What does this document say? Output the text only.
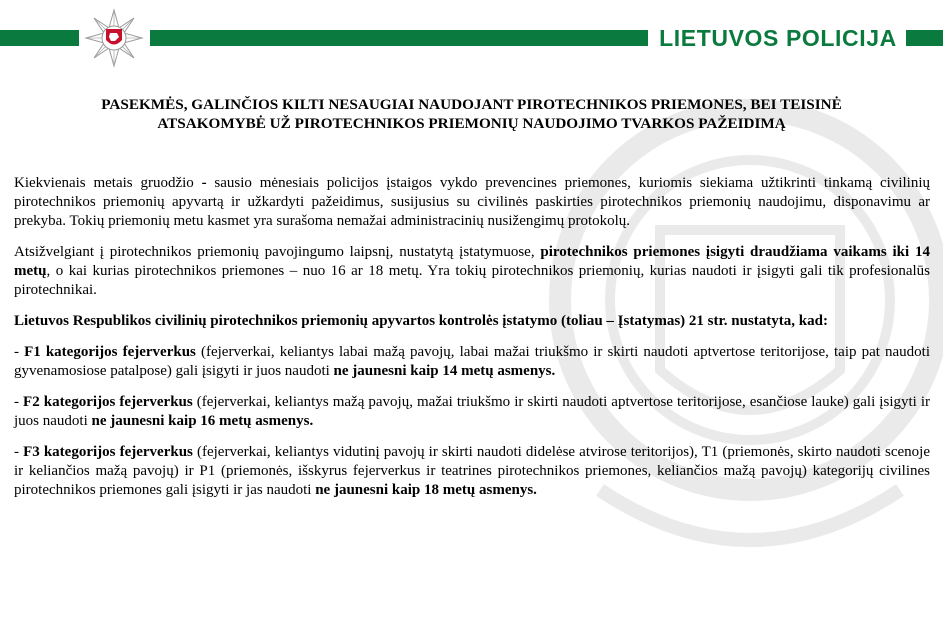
LIETUVOS POLICIJA
PASEKMĖS, GALINČIOS KILTI NESAUGIAI NAUDOJANT PIROTECHNIKOS PRIEMONES, BEI TEISINĖ
ATSAKOMYBĖ UŽ PIROTECHNIKOS PRIEMONIŲ NAUDOJIMO TVARKOS PAŽEIDIMĄ

Kiekvienais metais gruodžio - sausio mėnesiais policijos įstaigos vykdo prevencines priemones, kuriomis siekiama užtikrinti tinkamą civilinių pirotechnikos priemonių apyvartą ir užkardyti pažeidimus, susijusius su civilinės paskirties pirotechnikos priemonių naudojimu, disponavimu ar prekyba. Tokių priemonių metu kasmet yra surašoma nemažai administracinių nusižengimų protokolų.

Atsižvelgiant į pirotechnikos priemonių pavojingumo laipsnį, nustatytą įstatymuose, pirotechnikos priemones įsigyti draudžiama vaikams iki 14 metų, o kai kurias pirotechnikos priemones – nuo 16 ar 18 metų. Yra tokių pirotechnikos priemonių, kurias naudoti ir įsigyti gali tik profesionalūs pirotechnikai.

Lietuvos Respublikos civilinių pirotechnikos priemonių apyvartos kontrolės įstatymo (toliau – Įstatymas) 21 str. nustatyta, kad:

- F1 kategorijos fejerverkus (fejerverkai, keliantys labai mažą pavojų, labai mažai triukšmo ir skirti naudoti aptvertose teritorijose, taip pat naudoti gyvenamosiose patalpose) gali įsigyti ir juos naudoti ne jaunesni kaip 14 metų asmenys.

- F2 kategorijos fejerverkus (fejerverkai, keliantys mažą pavojų, mažai triukšmo ir skirti naudoti aptvertose teritorijose, esančiose lauke) gali įsigyti ir juos naudoti ne jaunesni kaip 16 metų asmenys.

- F3 kategorijos fejerverkus (fejerverkai, keliantys vidutinį pavojų ir skirti naudoti didelėse atvirose teritorijos), T1 (priemonės, skirto naudoti scenoje ir keliančios mažą pavojų) ir P1 (priemonės, išskyrus fejerverkus ir teatrines pirotechnikos priemones, keliančios mažą pavojų) kategorijų civilines pirotechnikos priemones gali įsigyti ir jas naudoti ne jaunesni kaip 18 metų asmenys.
